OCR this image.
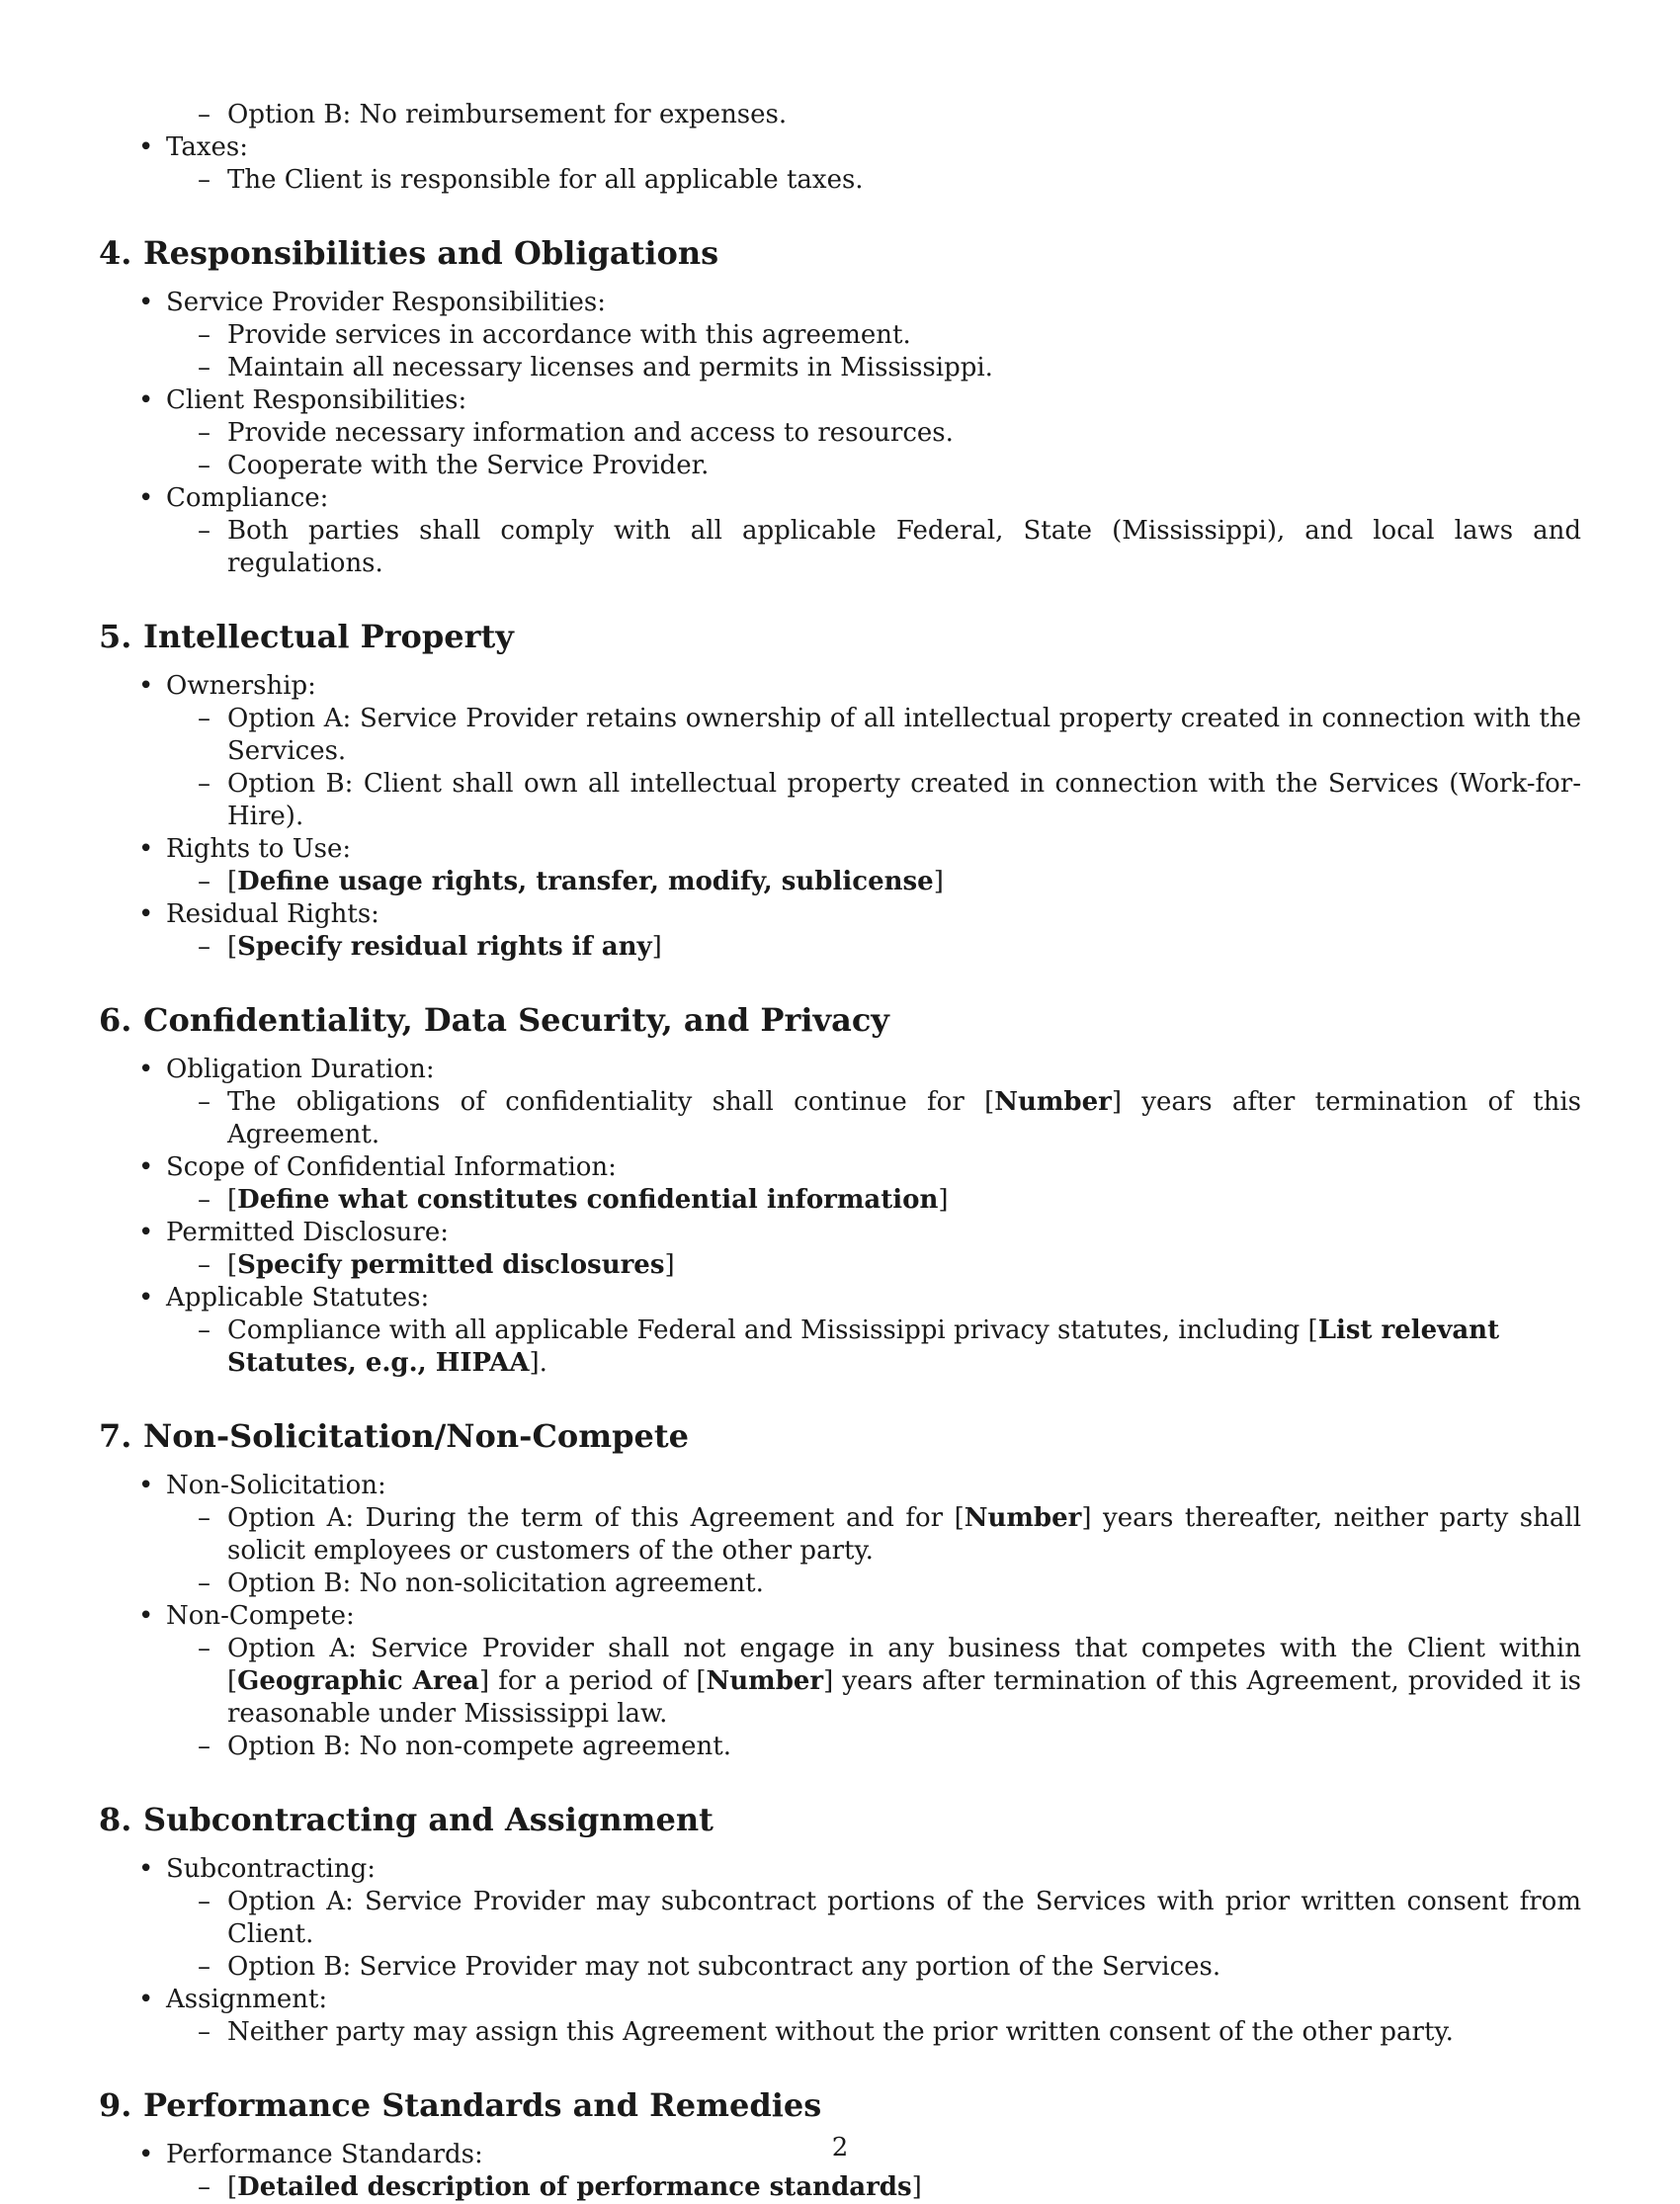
– Option B: No reimbursement for expenses.
• Taxes:
– The Client is responsible for all applicable taxes.
4. Responsibilities and Obligations
• Service Provider Responsibilities:
– Provide services in accordance with this agreement.
– Maintain all necessary licenses and permits in Mississippi.
• Client Responsibilities:
– Provide necessary information and access to resources.
– Cooperate with the Service Provider.
• Compliance:
– Both parties shall comply with all applicable Federal, State (Mississippi), and local laws and regulations.
5. Intellectual Property
• Ownership:
– Option A: Service Provider retains ownership of all intellectual property created in connection with the Services.
– Option B: Client shall own all intellectual property created in connection with the Services (Work-for-Hire).
• Rights to Use:
– [Define usage rights, transfer, modify, sublicense]
• Residual Rights:
– [Specify residual rights if any]
6. Confidentiality, Data Security, and Privacy
• Obligation Duration:
– The obligations of confidentiality shall continue for [Number] years after termination of this Agreement.
• Scope of Confidential Information:
– [Define what constitutes confidential information]
• Permitted Disclosure:
– [Specify permitted disclosures]
• Applicable Statutes:
– Compliance with all applicable Federal and Mississippi privacy statutes, including [List relevant Statutes, e.g., HIPAA].
7. Non-Solicitation/Non-Compete
• Non-Solicitation:
– Option A: During the term of this Agreement and for [Number] years thereafter, neither party shall solicit employees or customers of the other party.
– Option B: No non-solicitation agreement.
• Non-Compete:
– Option A: Service Provider shall not engage in any business that competes with the Client within [Geographic Area] for a period of [Number] years after termination of this Agreement, provided it is reasonable under Mississippi law.
– Option B: No non-compete agreement.
8. Subcontracting and Assignment
• Subcontracting:
– Option A: Service Provider may subcontract portions of the Services with prior written consent from Client.
– Option B: Service Provider may not subcontract any portion of the Services.
• Assignment:
– Neither party may assign this Agreement without the prior written consent of the other party.
9. Performance Standards and Remedies
• Performance Standards:
– [Detailed description of performance standards]
2
